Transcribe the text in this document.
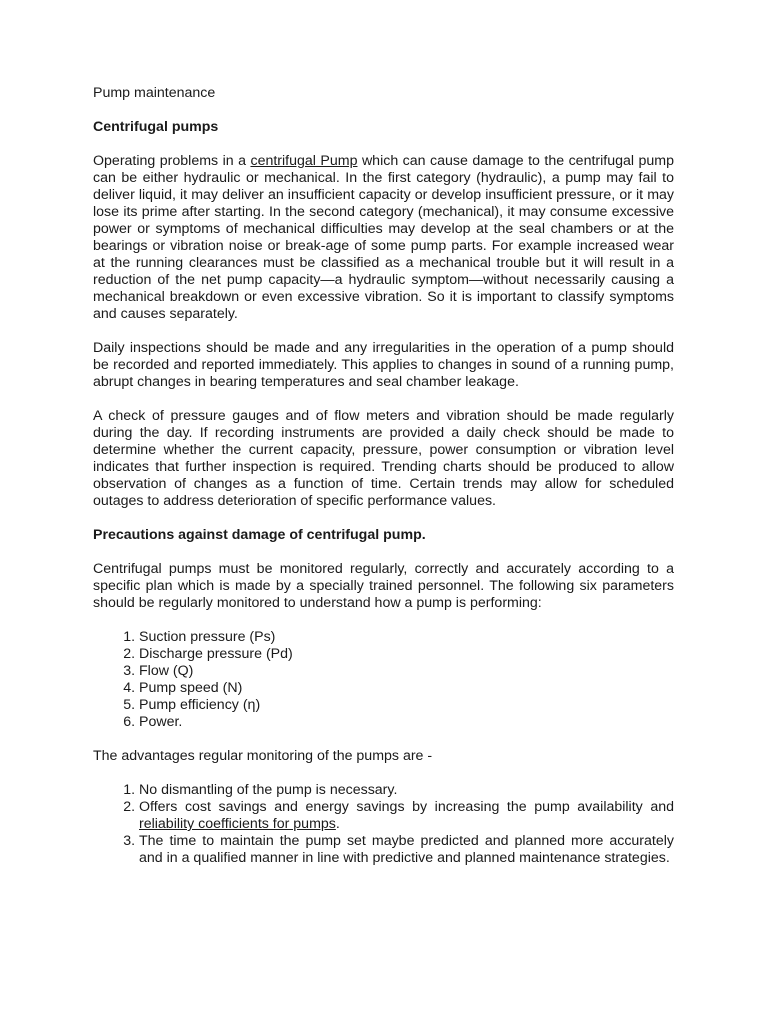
Pump maintenance

Centrifugal pumps

Operating problems in a centrifugal Pump which can cause damage to the centrifugal pump can be either hydraulic or mechanical. In the first category (hydraulic), a pump may fail to deliver liquid, it may deliver an insufficient capacity or develop insufficient pressure, or it may lose its prime after starting. In the second category (mechanical), it may consume excessive power or symptoms of mechanical difficulties may develop at the seal chambers or at the bearings or vibration noise or break-age of some pump parts. For example increased wear at the running clearances must be classified as a mechanical trouble but it will result in a reduction of the net pump capacity—a hydraulic symptom—without necessarily causing a mechanical breakdown or even excessive vibration. So it is important to classify symptoms and causes separately.

Daily inspections should be made and any irregularities in the operation of a pump should be recorded and reported immediately. This applies to changes in sound of a running pump, abrupt changes in bearing temperatures and seal chamber leakage.

A check of pressure gauges and of flow meters and vibration should be made regularly during the day. If recording instruments are provided a daily check should be made to determine whether the current capacity, pressure, power consumption or vibration level indicates that further inspection is required. Trending charts should be produced to allow observation of changes as a function of time. Certain trends may allow for scheduled outages to address deterioration of specific performance values.

Precautions against damage of centrifugal pump.

Centrifugal pumps must be monitored regularly, correctly and accurately according to a specific plan which is made by a specially trained personnel. The following six parameters should be regularly monitored to understand how a pump is performing:

1. Suction pressure (Ps)
2. Discharge pressure (Pd)
3. Flow (Q)
4. Pump speed (N)
5. Pump efficiency (η)
6. Power.

The advantages regular monitoring of the pumps are -

1. No dismantling of the pump is necessary.
2. Offers cost savings and energy savings by increasing the pump availability and reliability coefficients for pumps.
3. The time to maintain the pump set maybe predicted and planned more accurately and in a qualified manner in line with predictive and planned maintenance strategies.
